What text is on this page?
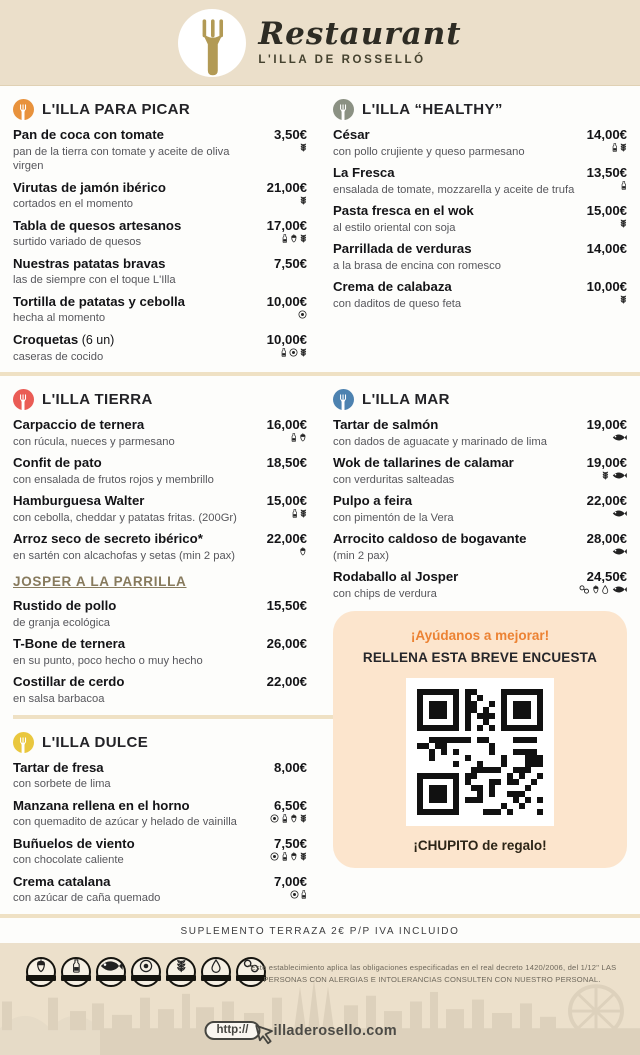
Restaurant
L'ILLA DE ROSSELLÓ
L'ILLA PARA PICAR
Pan de coca con tomate
pan de la tierra con tomate y aceite de oliva virgen
3,50€
Virutas de jamón ibérico
cortados en el momento
21,00€
Tabla de quesos artesanos
surtido variado de quesos
17,00€
Nuestras patatas bravas
las de siempre con el toque L'Illa
7,50€
Tortilla de patatas y cebolla
hecha al momento
10,00€
Croquetas (6 un)
caseras de cocido
10,00€
L'ILLA “HEALTHY”
César
con pollo crujiente y queso parmesano
14,00€
La Fresca
ensalada de tomate, mozzarella y aceite de trufa
13,50€
Pasta fresca en el wok
al estilo oriental con soja
15,00€
Parrillada de verduras
a la brasa de encina con romesco
14,00€
Crema de calabaza
con daditos de queso feta
10,00€
L'ILLA TIERRA
Carpaccio de ternera
con rúcula, nueces y parmesano
16,00€
Confit de pato
con ensalada de frutos rojos y membrillo
18,50€
Hamburguesa Walter
con cebolla, cheddar y patatas fritas. (200Gr)
15,00€
Arroz seco de secreto ibérico*
en sartén con alcachofas y setas (min 2 pax)
22,00€
JOSPER A LA PARRILLA
Rustido de pollo
de granja ecológica
15,50€
T-Bone de ternera
en su punto, poco hecho o muy hecho
26,00€
Costillar de cerdo
en salsa barbacoa
22,00€
L'ILLA DULCE
Tartar de fresa
con sorbete de lima
8,00€
Manzana rellena en el horno
con quemadito de azúcar y helado de vainilla
6,50€
Buñuelos de viento
con chocolate caliente
7,50€
Crema catalana
con azúcar de caña quemado
7,00€
L'ILLA MAR
Tartar de salmón
con dados de aguacate y marinado de lima
19,00€
Wok de tallarines de calamar
con verduritas salteadas
19,00€
Pulpo a feira
con pimentón de la Vera
22,00€
Arrocito caldoso de bogavante
(min 2 pax)
28,00€
Rodaballo al Josper
con chips de verdura
24,50€
¡Ayúdanos a mejorar!
RELLENA ESTA BREVE ENCUESTA
¡CHUPITO de regalo!
SUPLEMENTO TERRAZA 2€ P/P IVA INCLUIDO
"Este establecimiento aplica las obligaciones especificadas en el real decreto 1420/2006, del 1/12" LAS PERSONAS CON ALERGIAS E INTOLERANCIAS CONSULTEN CON NUESTRO PERSONAL.
http://	illaderosello.com
